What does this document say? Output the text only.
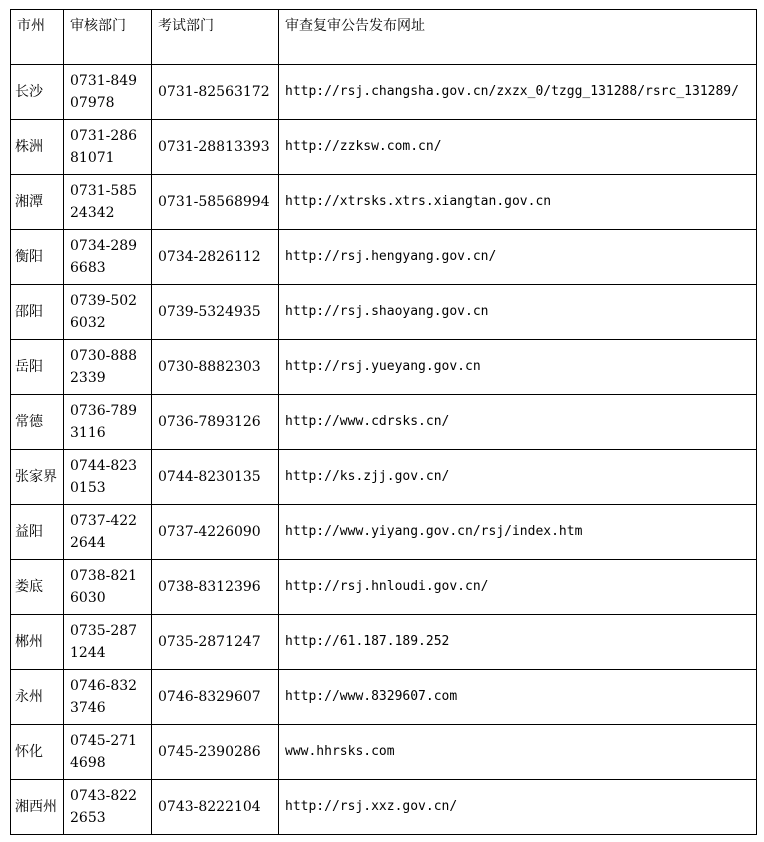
市州	审核部门	考试部门	审查复审公告发布网址
长沙	0731-84907978	0731-82563172	http://rsj.changsha.gov.cn/zxzx_0/tzgg_131288/rsrc_131289/
株洲	0731-28681071	0731-28813393	http://zzksw.com.cn/
湘潭	0731-58524342	0731-58568994	http://xtrsks.xtrs.xiangtan.gov.cn
衡阳	0734-2896683	0734-2826112	http://rsj.hengyang.gov.cn/
邵阳	0739-5026032	0739-5324935	http://rsj.shaoyang.gov.cn
岳阳	0730-8882339	0730-8882303	http://rsj.yueyang.gov.cn
常德	0736-7893116	0736-7893126	http://www.cdrsks.cn/
张家界	0744-8230153	0744-8230135	http://ks.zjj.gov.cn/
益阳	0737-4222644	0737-4226090	http://www.yiyang.gov.cn/rsj/index.htm
娄底	0738-8216030	0738-8312396	http://rsj.hnloudi.gov.cn/
郴州	0735-2871244	0735-2871247	http://61.187.189.252
永州	0746-8323746	0746-8329607	http://www.8329607.com
怀化	0745-2714698	0745-2390286	www.hhrsks.com
湘西州	0743-8222653	0743-8222104	http://rsj.xxz.gov.cn/
